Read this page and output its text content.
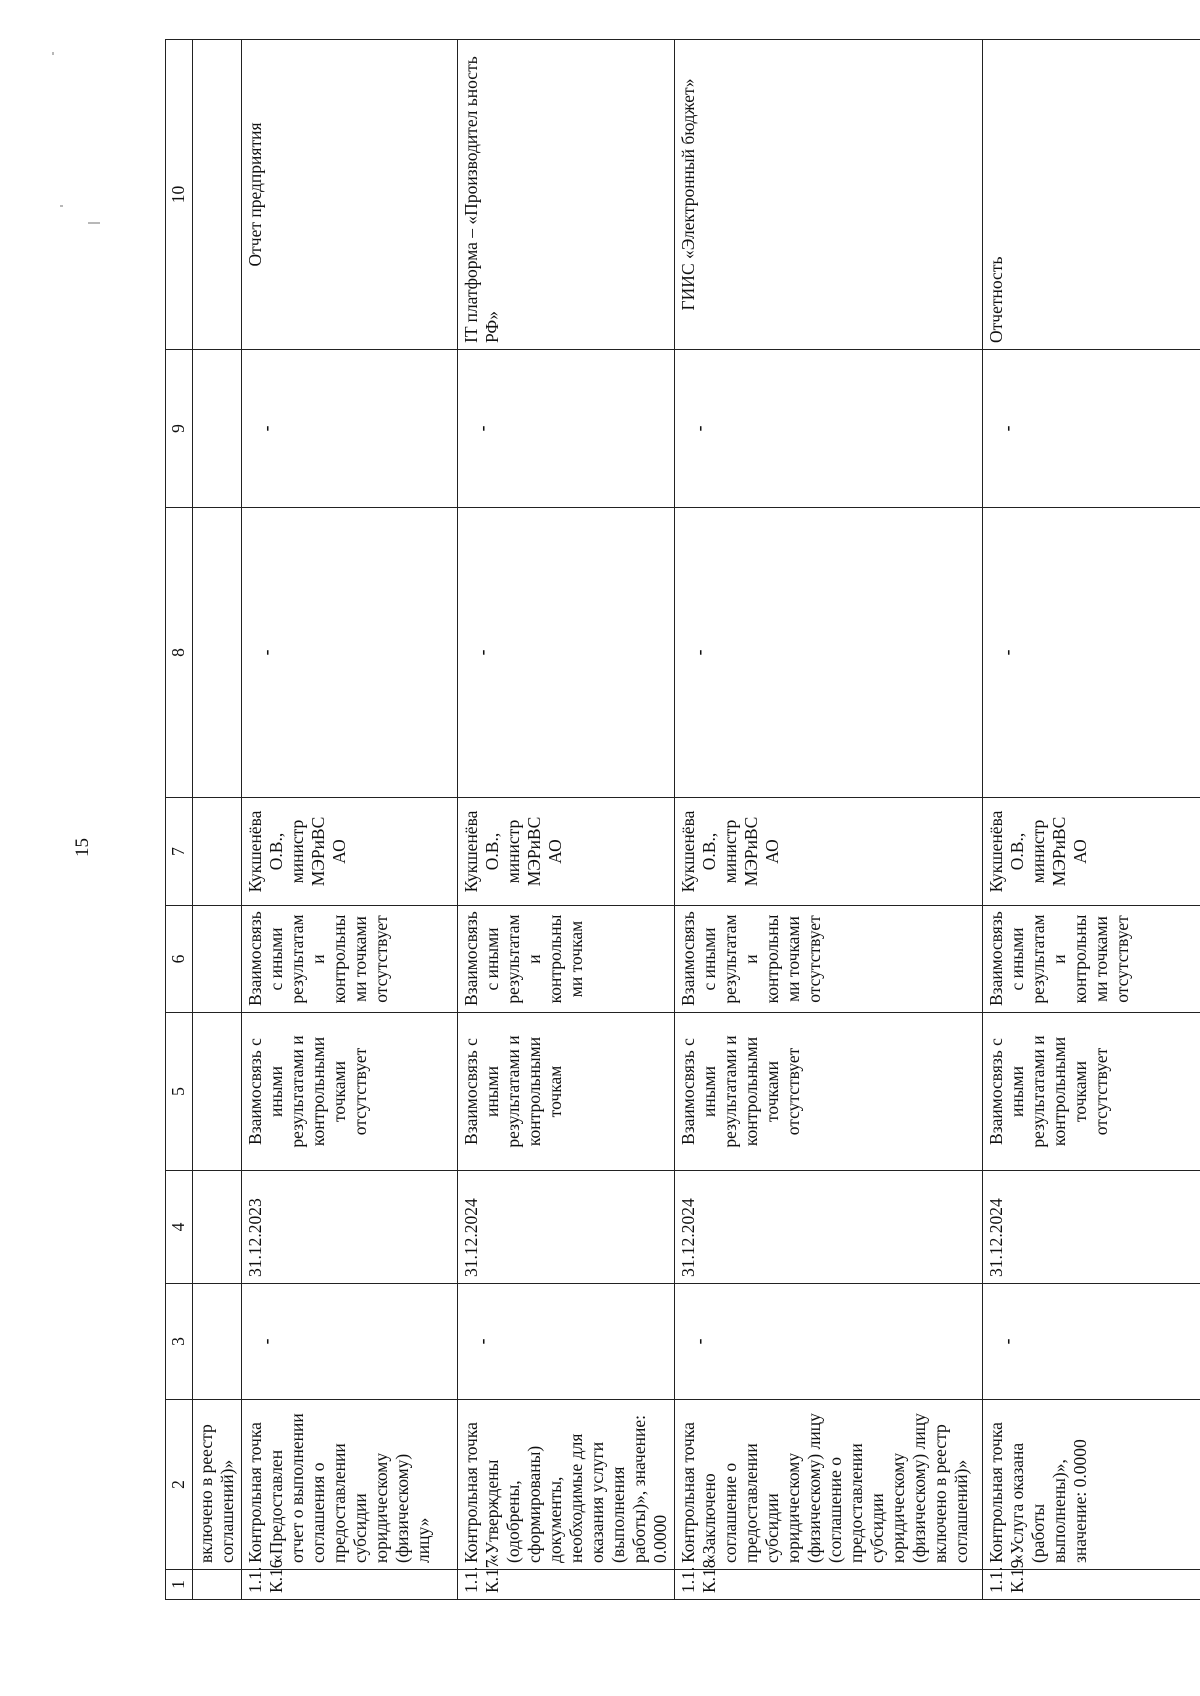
15
1	2	3	4	5	6	7	8	9	10
	включено в реестр соглашений)»								
1.1. К.16	Контрольная точка «Предоставлен отчет о выполнении соглашения о предоставлении субсидии юридическому (физическому) лицу»	-	31.12.2023	Взаимосвязь с иными результатами и контрольными точками отсутствует	Взаимосвязь с иными результатам и контрольны ми точками отсутствует	Кукшенёва О.В., министр МЭРиВС АО	-	-	Отчет предприятия
1.1. К.17	Контрольная точка «Утверждены (одобрены, сформированы) документы, необходимые для оказания услуги (выполнения работы)», значение: 0.0000	-	31.12.2024	Взаимосвязь с иными результатами и контрольными точкам	Взаимосвязь с иными результатам и контрольны ми точкам	Кукшенёва О.В., министр МЭРиВС АО	-	-	IT платформа – «Производител ьность РФ»
1.1. К.18	Контрольная точка «Заключено соглашение о предоставлении субсидии юридическому (физическому) лицу (соглашение о предоставлении субсидии юридическому (физическому) лицу включено в реестр соглашений)»	-	31.12.2024	Взаимосвязь с иными результатами и контрольными точками отсутствует	Взаимосвязь с иными результатам и контрольны ми точками отсутствует	Кукшенёва О.В., министр МЭРиВС АО	-	-	ГИИС «Электронный бюджет»
1.1. К.19	Контрольная точка «Услуга оказана (работы выполнены)», значение: 0.0000	-	31.12.2024	Взаимосвязь с иными результатами и контрольными точками отсутствует	Взаимосвязь с иными результатам и контрольны ми точками отсутствует	Кукшенёва О.В., министр МЭРиВС АО	-	-	Отчетность
